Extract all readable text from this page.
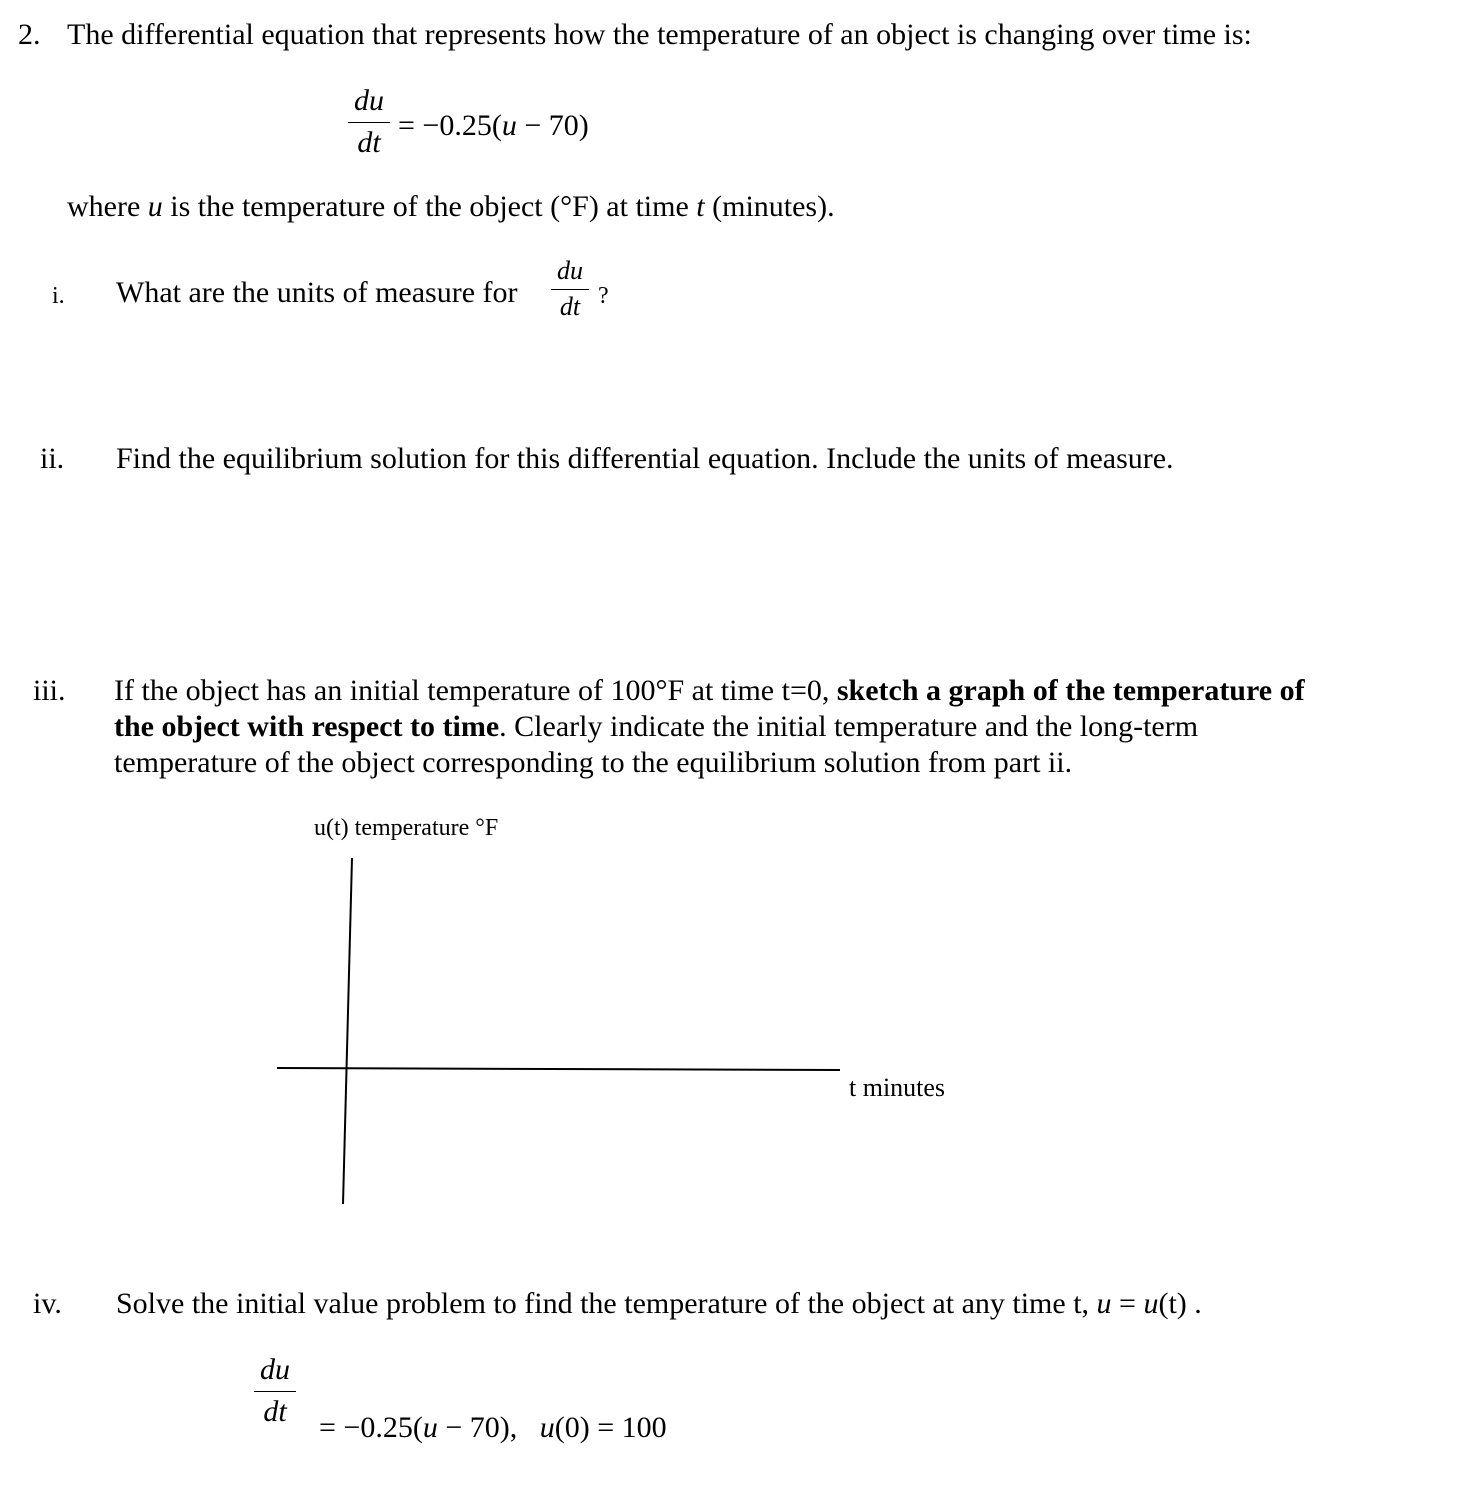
2. The differential equation that represents how the temperature of an object is changing over time is:
du
dt
= −0.25(u − 70)
where u is the temperature of the object (°F) at time t (minutes).
i. What are the units of measure for
du
dt ?
ii. Find the equilibrium solution for this differential equation. Include the units of measure.
iii. If the object has an initial temperature of 100°F at time t=0, sketch a graph of the temperature of
the object with respect to time. Clearly indicate the initial temperature and the long-term
temperature of the object corresponding to the equilibrium solution from part ii.
u(t) temperature °F
t minutes
iv. Solve the initial value problem to find the temperature of the object at any time t, u = u(t) .
du
dt	= −0.25(u − 70),   u(0) = 100
